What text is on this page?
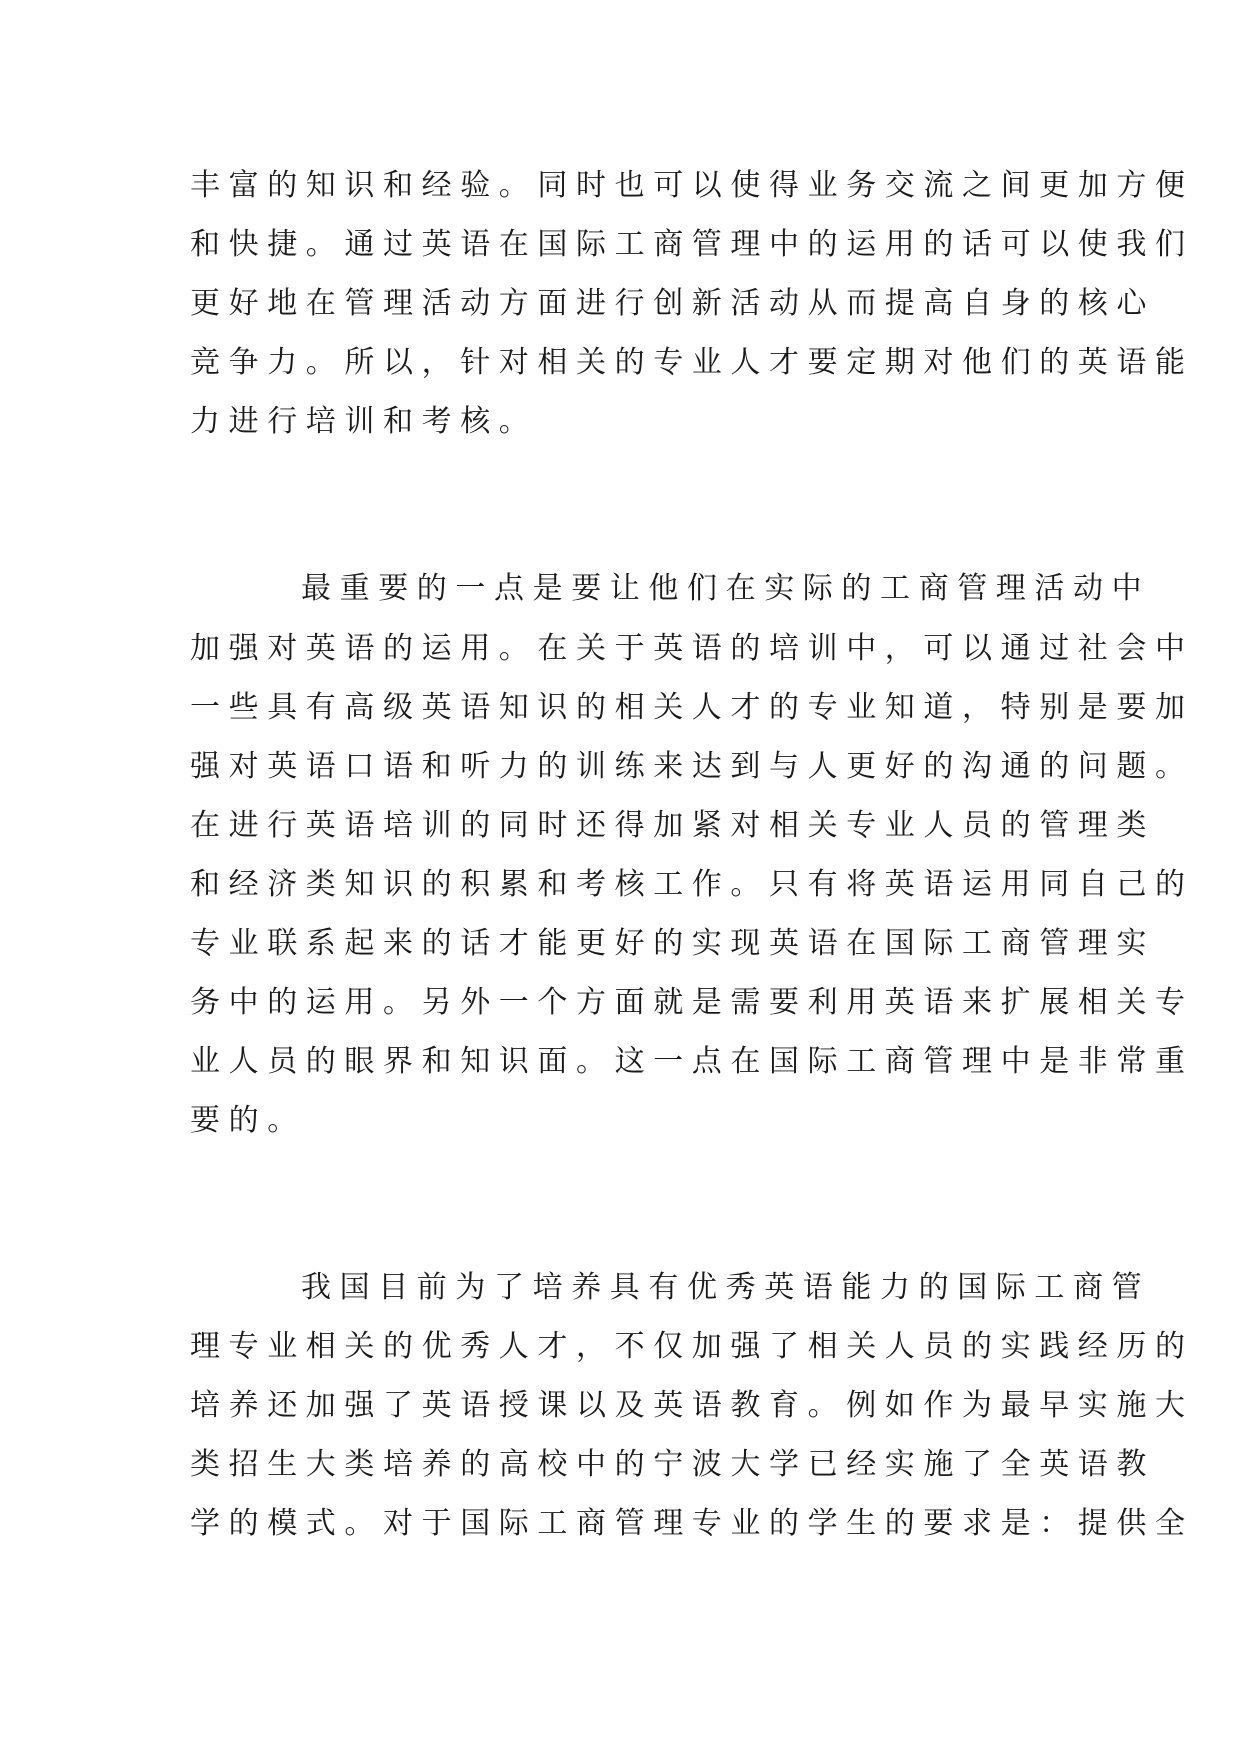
丰富的知识和经验。同时也可以使得业务交流之间更加方便
和快捷。通过英语在国际工商管理中的运用的话可以使我们
更好地在管理活动方面进行创新活动从而提高自身的核心
竞争力。所以，针对相关的专业人才要定期对他们的英语能
力进行培训和考核。
最重要的一点是要让他们在实际的工商管理活动中
加强对英语的运用。在关于英语的培训中，可以通过社会中
一些具有高级英语知识的相关人才的专业知道，特别是要加
强对英语口语和听力的训练来达到与人更好的沟通的问题。
在进行英语培训的同时还得加紧对相关专业人员的管理类
和经济类知识的积累和考核工作。只有将英语运用同自己的
专业联系起来的话才能更好的实现英语在国际工商管理实
务中的运用。另外一个方面就是需要利用英语来扩展相关专
业人员的眼界和知识面。这一点在国际工商管理中是非常重
要的。
我国目前为了培养具有优秀英语能力的国际工商管
理专业相关的优秀人才，不仅加强了相关人员的实践经历的
培养还加强了英语授课以及英语教育。例如作为最早实施大
类招生大类培养的高校中的宁波大学已经实施了全英语教
学的模式。对于国际工商管理专业的学生的要求是：提供全
